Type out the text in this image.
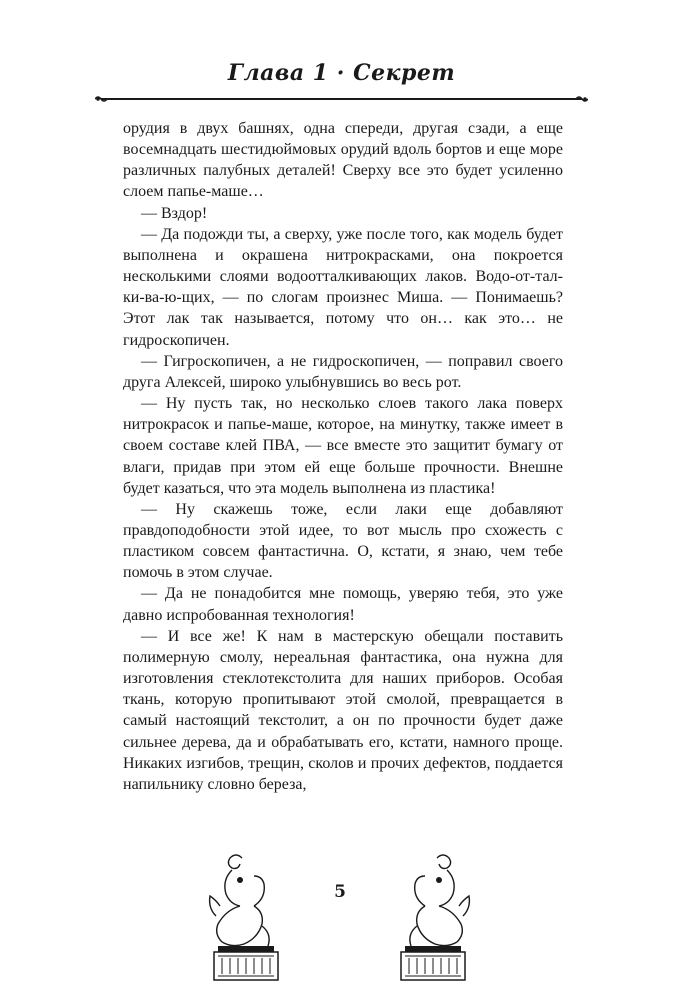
Глава 1 · Секрет

орудия в двух башнях, одна спереди, другая сзади, а еще восемнадцать шестидюймовых орудий вдоль бортов и еще море различных палубных деталей! Сверху все это будет усиленно слоем папье-маше…

— Вздор!

— Да подожди ты, а сверху, уже после того, как модель будет выполнена и окрашена нитрокрасками, она покроется несколькими слоями водоотталкивающих лаков. Водо-от-тал-ки-ва-ю-щих, — по слогам произнес Миша. — Понимаешь? Этот лак так называется, потому что он… как это… не гидроскопичен.

— Гигроскопичен, а не гидроскопичен, — поправил своего друга Алексей, широко улыбнувшись во весь рот.

— Ну пусть так, но несколько слоев такого лака поверх нитрокрасок и папье-маше, которое, на минутку, также имеет в своем составе клей ПВА, — все вместе это защитит бумагу от влаги, придав при этом ей еще больше прочности. Внешне будет казаться, что эта модель выполнена из пластика!

— Ну скажешь тоже, если лаки еще добавляют правдоподобности этой идее, то вот мысль про схожесть с пластиком совсем фантастична. О, кстати, я знаю, чем тебе помочь в этом случае.

— Да не понадобится мне помощь, уверяю тебя, это уже давно испробованная технология!

— И все же! К нам в мастерскую обещали поставить полимерную смолу, нереальная фантастика, она нужна для изготовления стеклотекстолита для наших приборов. Особая ткань, которую пропитывают этой смолой, превращается в самый настоящий текстолит, а он по прочности будет даже сильнее дерева, да и обрабатывать его, кстати, намного проще. Никаких изгибов, трещин, сколов и прочих дефектов, поддается напильнику словно береза,

5
